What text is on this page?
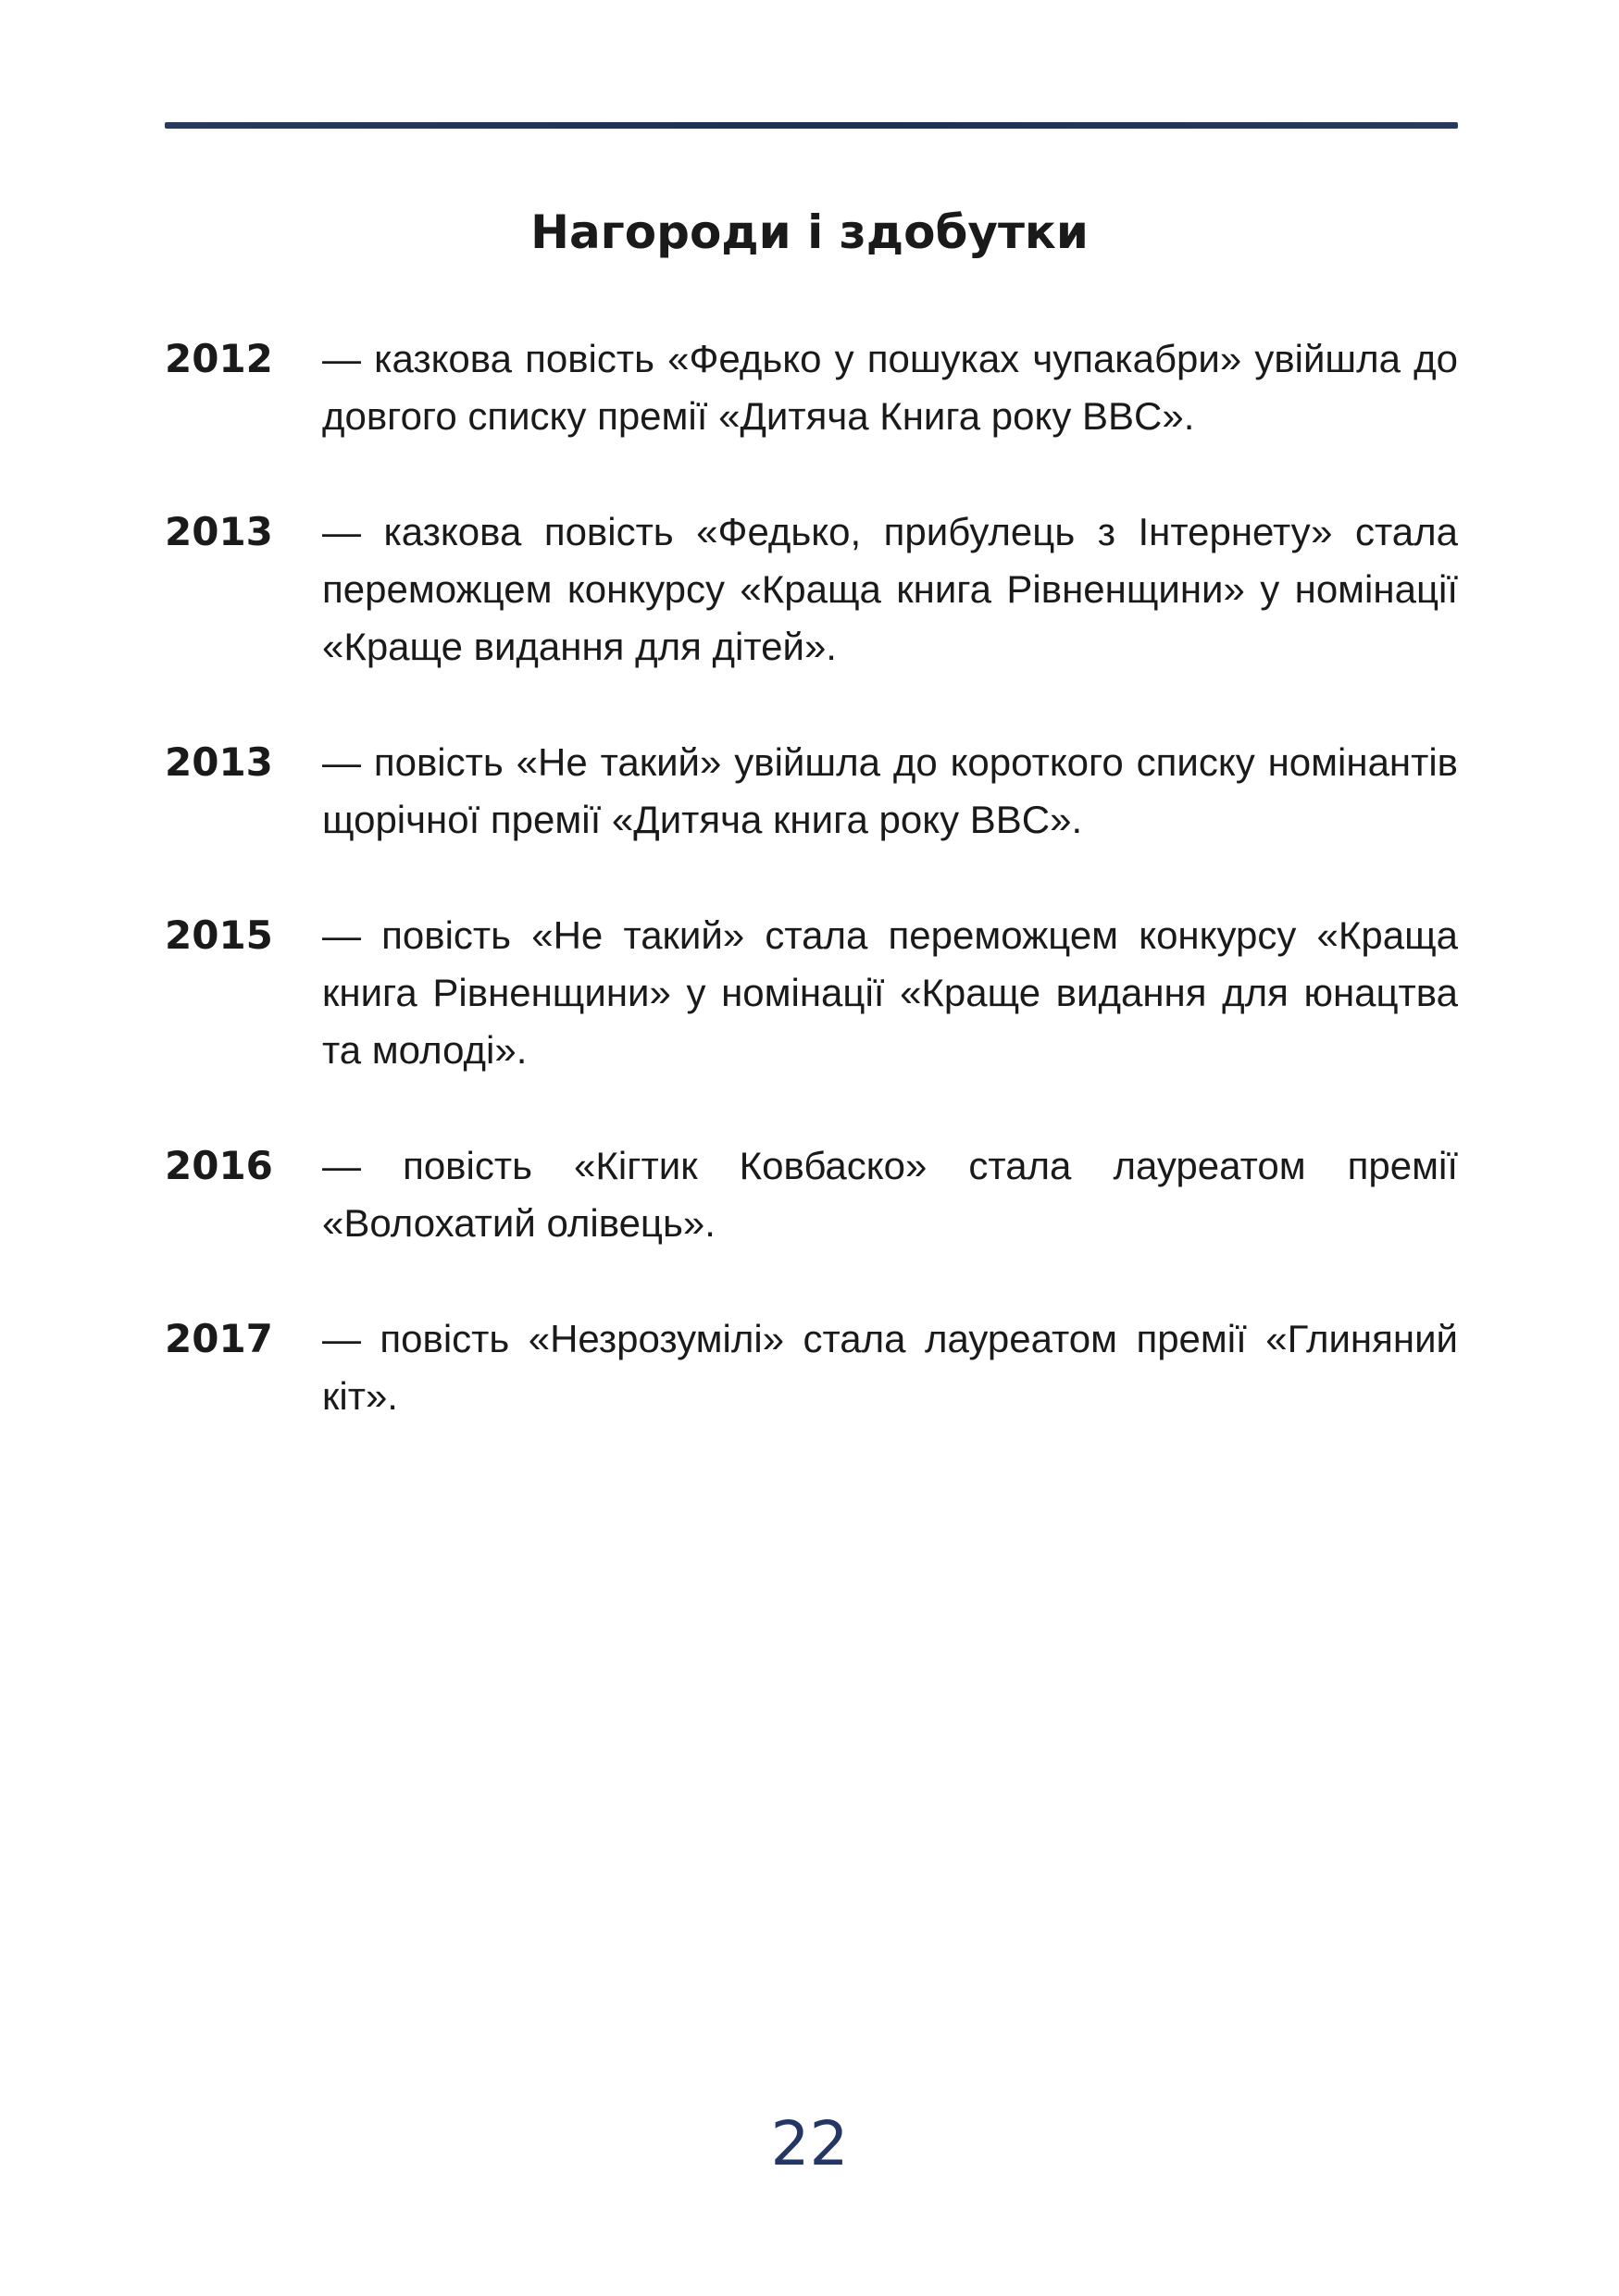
Нагороди і здобутки
2012 — казкова повість «Федько у пошуках чупакабри» увійшла до довгого списку премії «Дитяча Книга року BBC».
2013 — казкова повість «Федько, прибулець з Інтернету» стала переможцем конкурсу «Краща книга Рівненщини» у номінації «Краще видання для дітей».
2013 — повість «Не такий» увійшла до короткого списку номінантів щорічної премії «Дитяча книга року BBC».
2015 — повість «Не такий» стала переможцем конкурсу «Краща книга Рівненщини» у номінації «Краще видання для юнацтва та молоді».
2016 — повість «Кігтик Ковбаско» стала лауреатом премії «Волохатий олівець».
2017 — повість «Незрозумілі» стала лауреатом премії «Глиняний кіт».
22
